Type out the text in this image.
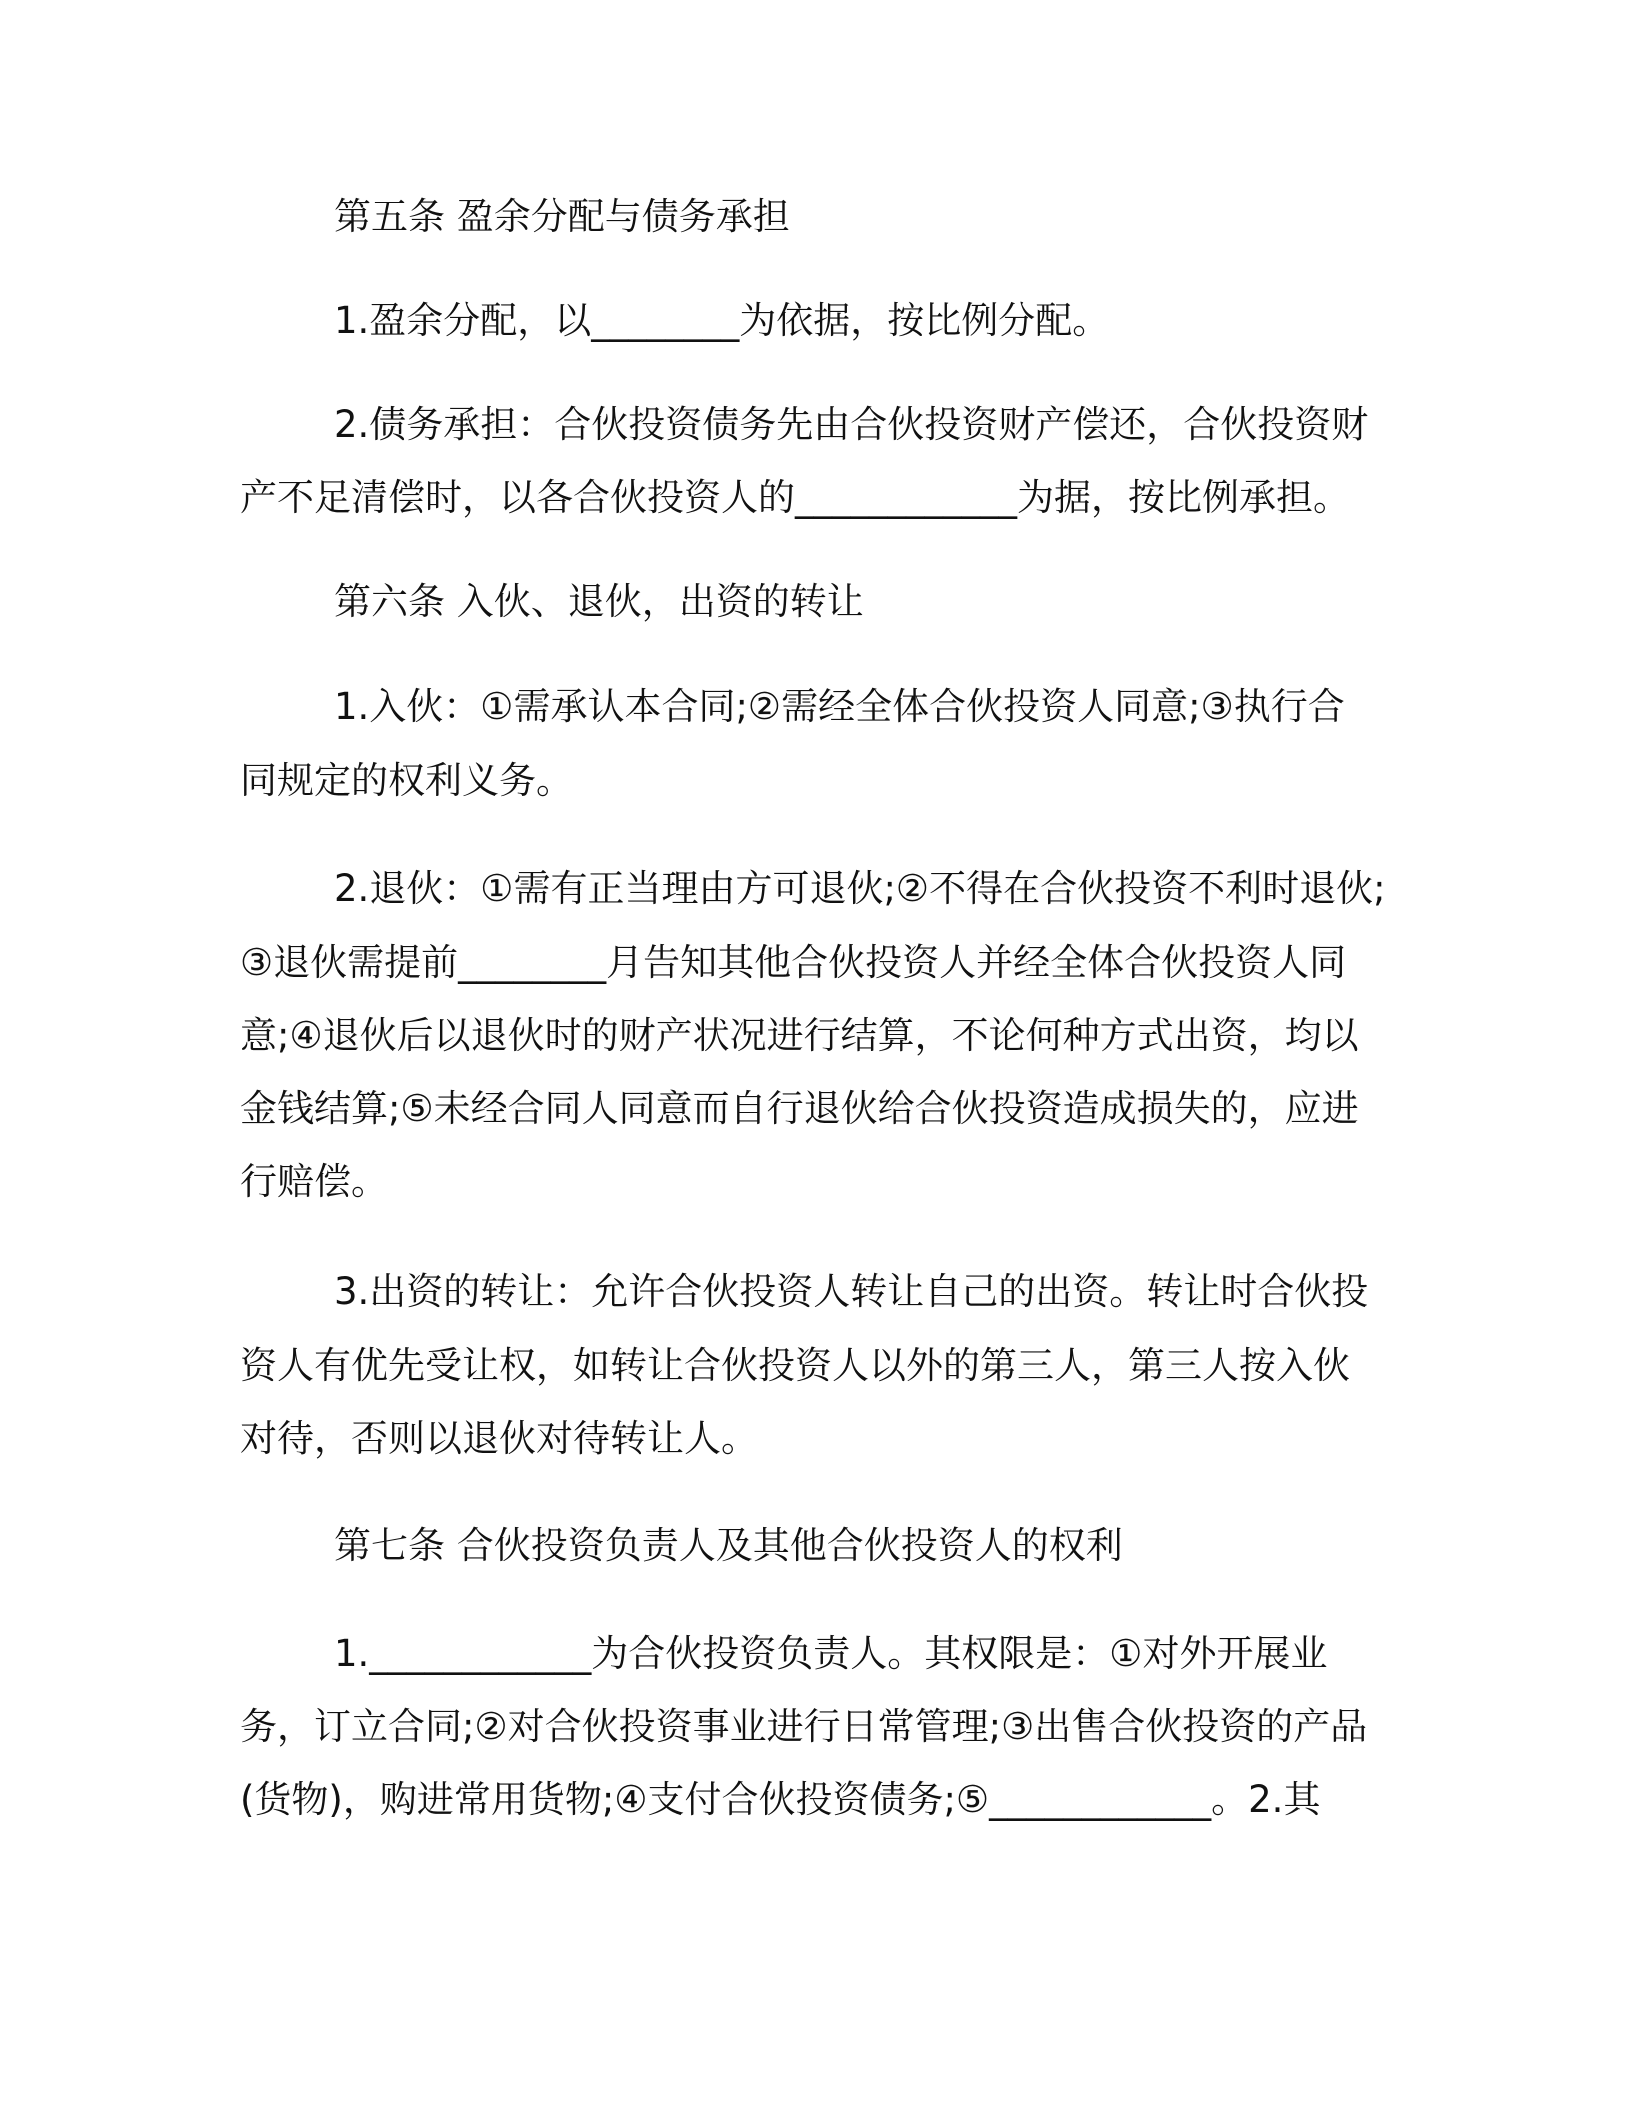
第五条 盈余分配与债务承担
1.盈余分配，以________为依据，按比例分配。
2.债务承担：合伙投资债务先由合伙投资财产偿还，合伙投资财
产不足清偿时，以各合伙投资人的____________为据，按比例承担。
第六条 入伙、退伙，出资的转让
1.入伙：①需承认本合同;②需经全体合伙投资人同意;③执行合
同规定的权利义务。
2.退伙：①需有正当理由方可退伙;②不得在合伙投资不利时退伙;
③退伙需提前________月告知其他合伙投资人并经全体合伙投资人同
意;④退伙后以退伙时的财产状况进行结算，不论何种方式出资，均以
金钱结算;⑤未经合同人同意而自行退伙给合伙投资造成损失的，应进
行赔偿。
3.出资的转让：允许合伙投资人转让自己的出资。转让时合伙投
资人有优先受让权，如转让合伙投资人以外的第三人，第三人按入伙
对待，否则以退伙对待转让人。
第七条 合伙投资负责人及其他合伙投资人的权利
1.____________为合伙投资负责人。其权限是：①对外开展业
务，订立合同;②对合伙投资事业进行日常管理;③出售合伙投资的产品
(货物)，购进常用货物;④支付合伙投资债务;⑤____________。2.其
